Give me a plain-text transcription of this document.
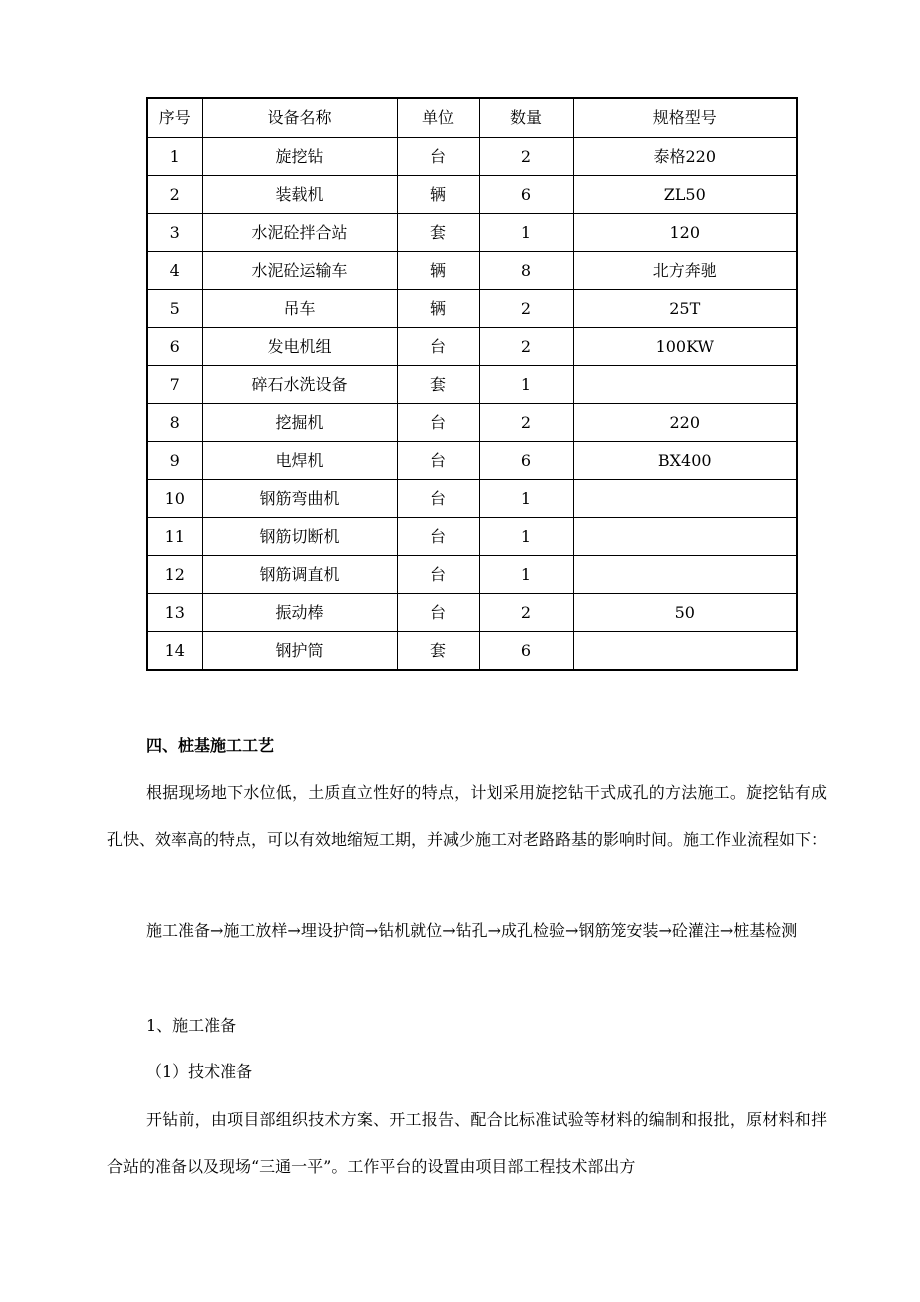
序号	设备名称	单位	数量	规格型号
1	旋挖钻	台	2	泰格220
2	装载机	辆	6	ZL50
3	水泥砼拌合站	套	1	120
4	水泥砼运输车	辆	8	北方奔驰
5	吊车	辆	2	25T
6	发电机组	台	2	100KW
7	碎石水洗设备	套	1	
8	挖掘机	台	2	220
9	电焊机	台	6	BX400
10	钢筋弯曲机	台	1	
11	钢筋切断机	台	1	
12	钢筋调直机	台	1	
13	振动棒	台	2	50
14	钢护筒	套	6	

四、桩基施工工艺

根据现场地下水位低，土质直立性好的特点，计划采用旋挖钻干式成孔的方法施工。旋挖钻有成孔快、效率高的特点，可以有效地缩短工期，并减少施工对老路路基的影响时间。施工作业流程如下：

施工准备→施工放样→埋设护筒→钻机就位→钻孔→成孔检验→钢筋笼安装→砼灌注→桩基检测

1、施工准备

（1）技术准备

开钻前，由项目部组织技术方案、开工报告、配合比标准试验等材料的编制和报批，原材料和拌合站的准备以及现场“三通一平”。工作平台的设置由项目部工程技术部出方
